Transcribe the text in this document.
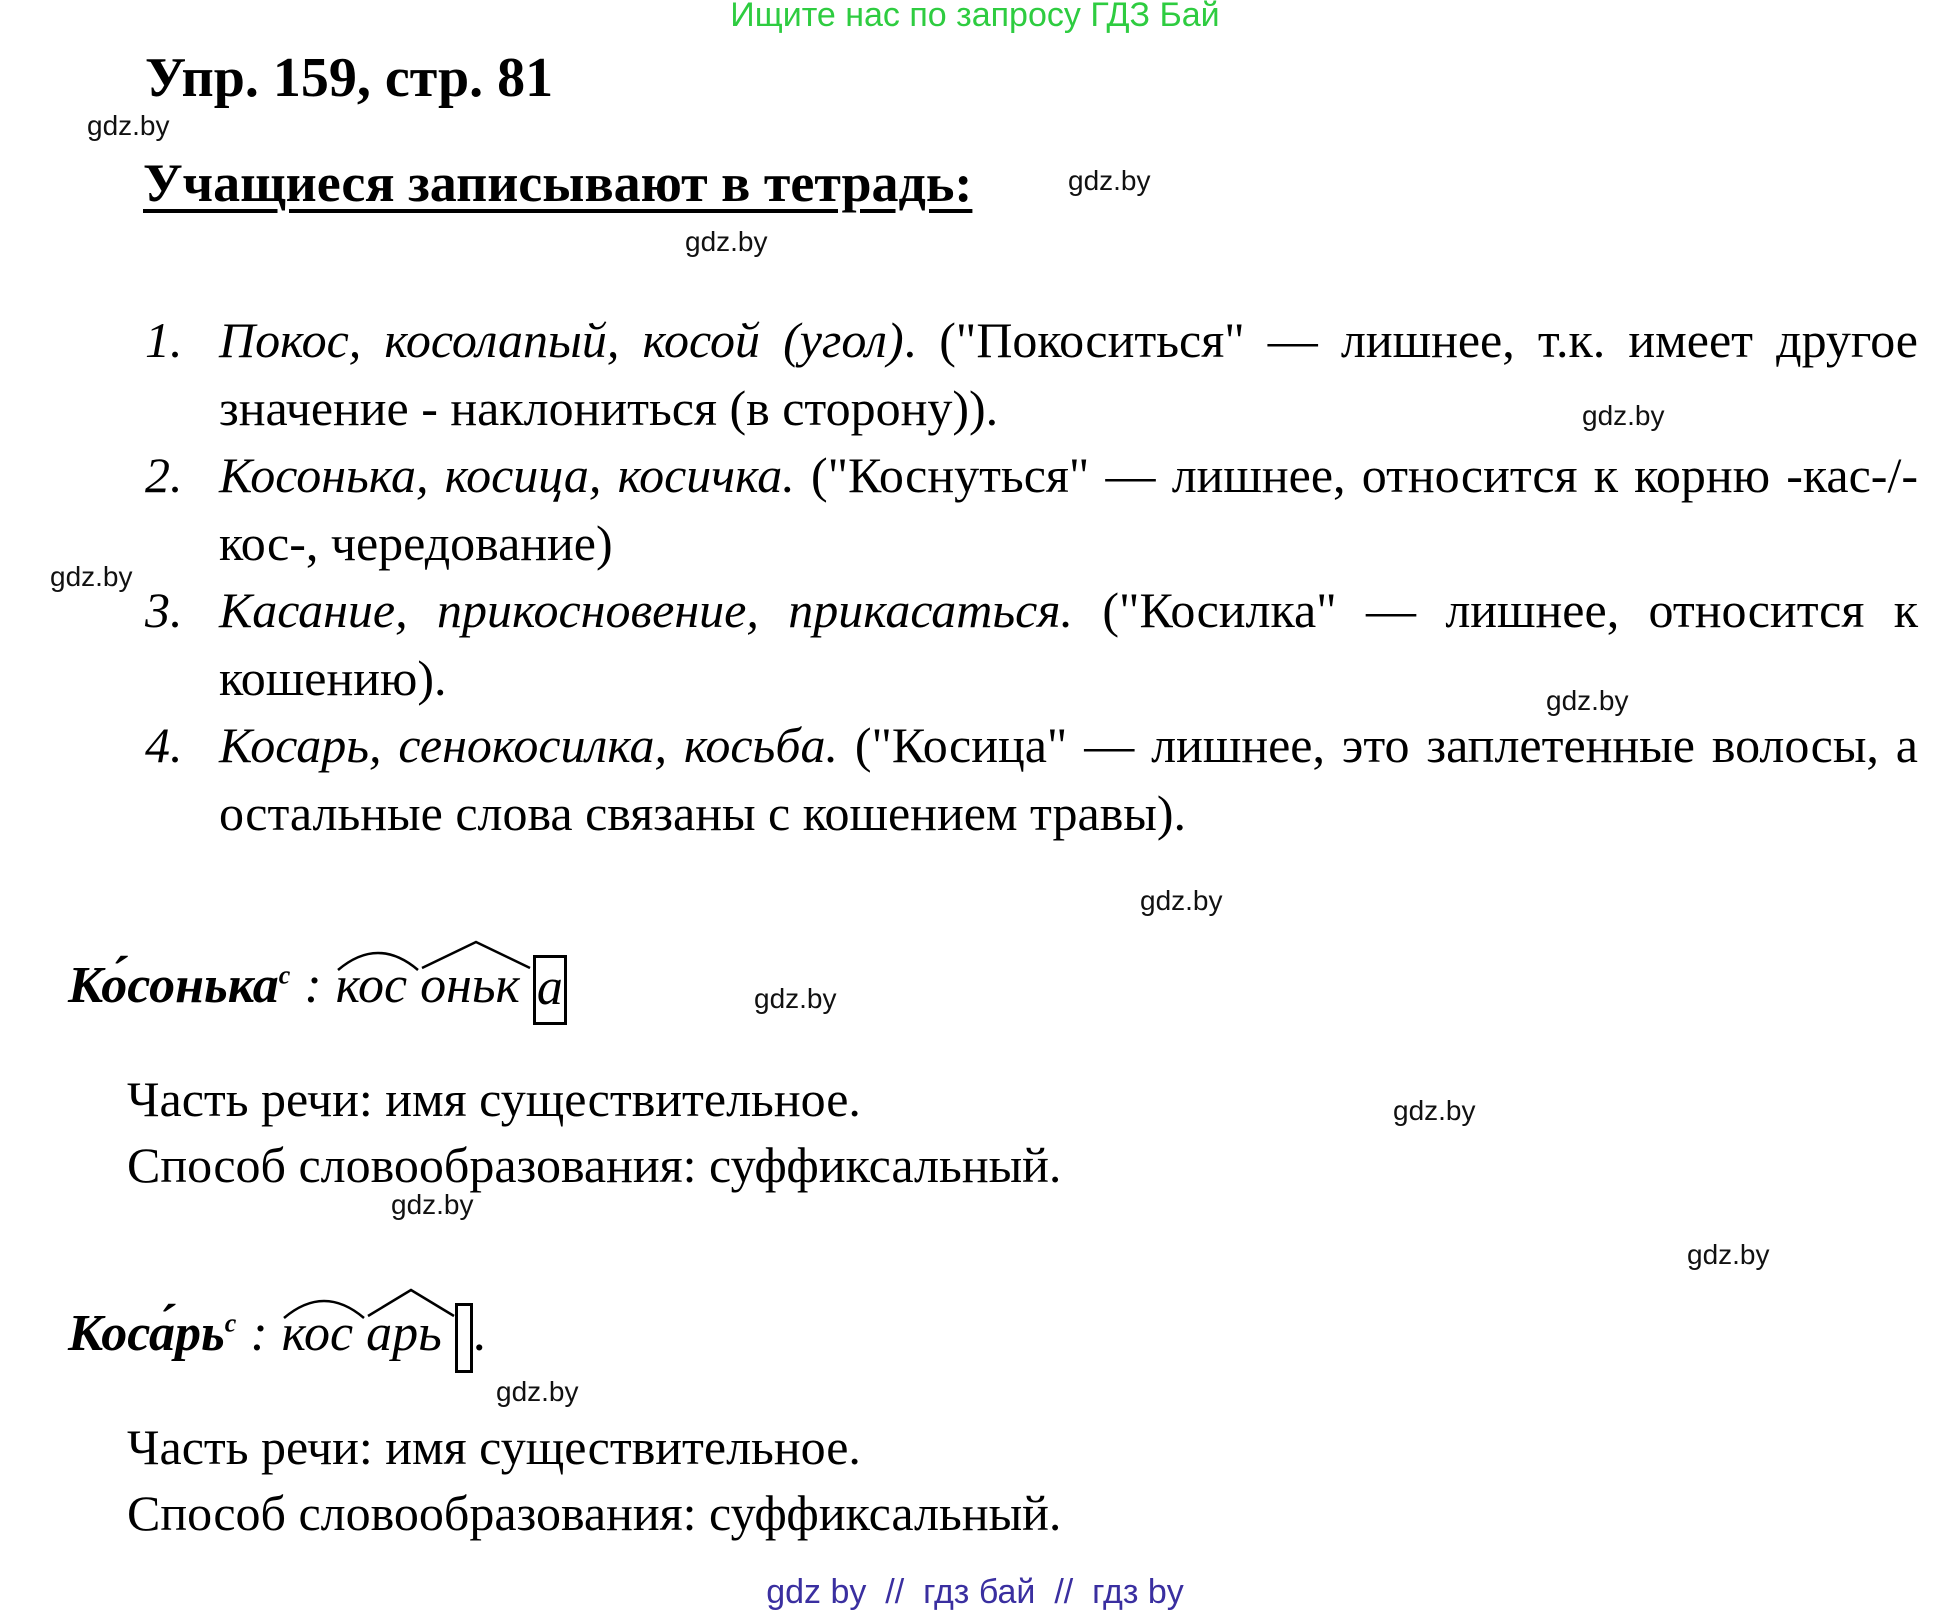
Ищите нас по запросу ГДЗ Бай
Упр. 159, стр. 81
Учащиеся записывают в тетрадь:
gdz.by
gdz.by
gdz.by
gdz.by
gdz.by
gdz.by
gdz.by
gdz.by
gdz.by
gdz.by
gdz.by
gdz.by
1. Покос, косолапый, косой (угол). ("Покоситься" — лишнее, т.к. имеет другое значение - наклониться (в сторону)).
2. Косонька, косица, косичка. ("Коснуться" — лишнее, относится к корню -кас-/-кос-, чередование)
3. Касание, прикосновение, прикасаться. ("Косилка" — лишнее, относится к кошению).
4. Косарь, сенокосилка, косьба. ("Косица" — лишнее, это заплетенные волосы, а остальные слова связаны с кошением травы).
Ко́сонька$^с$ : кос оньк а
Часть речи: имя существительное.
Способ словообразования: суффиксальный.
$Коса́рь^с$ : кос арь .
Часть речи: имя существительное.
Способ словообразования: суффиксальный.
gdz by  //  гдз бай  //  гдз by
